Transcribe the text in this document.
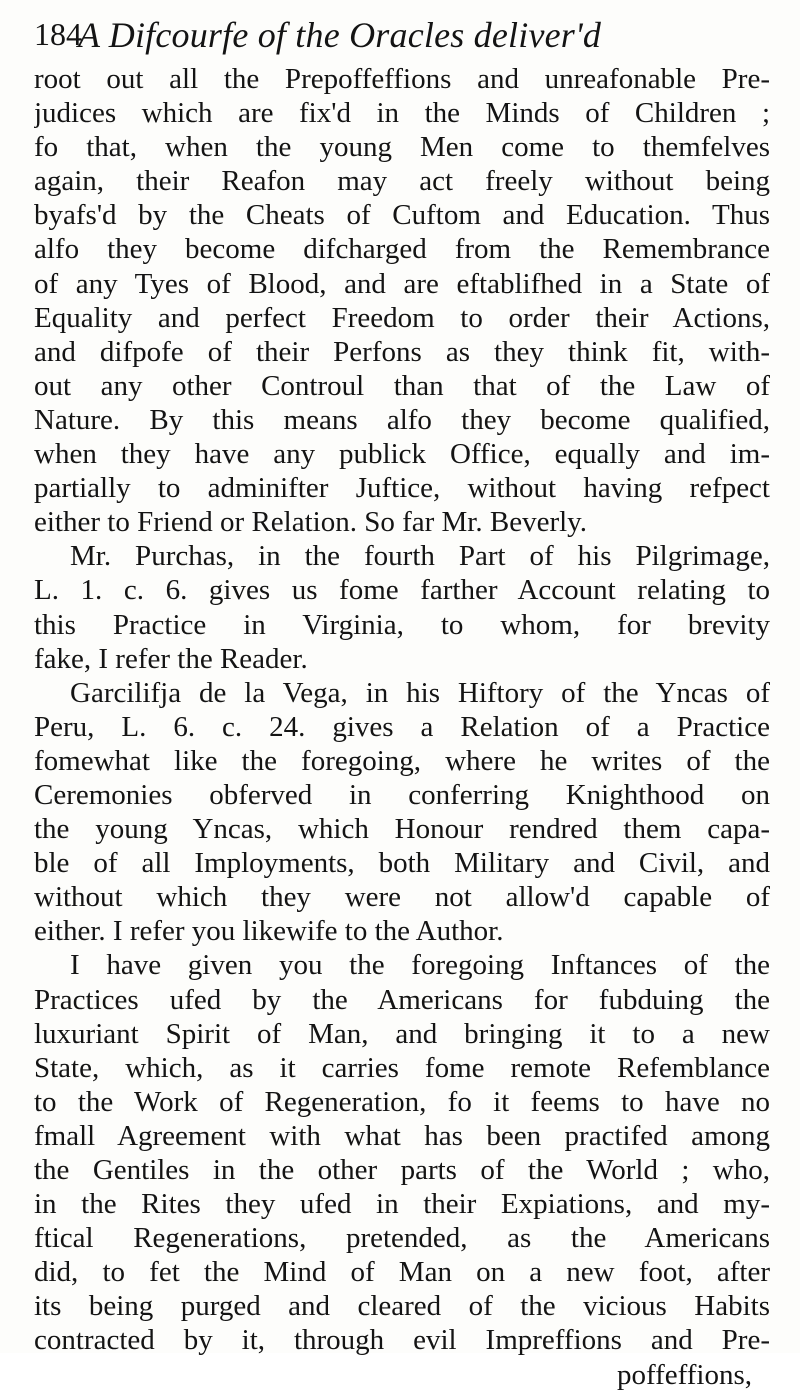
184
A Difcourfe of the Oracles deliver'd
root out all the Prepoffeffions and unreafonable Pre-
judices which are fix'd in the Minds of Children ;
fo that, when the young Men come to themfelves
again, their Reafon may act freely without being
byafs'd by the Cheats of Cuftom and Education. Thus
alfo they become difcharged from the Remembrance
of any Tyes of Blood, and are eftablifhed in a State of
Equality and perfect Freedom to order their Actions,
and difpofe of their Perfons as they think fit, with-
out any other Controul than that of the Law of
Nature. By this means alfo they become qualified,
when they have any publick Office, equally and im-
partially to adminifter Juftice, without having refpect
either to Friend or Relation. So far Mr. Beverly.
Mr. Purchas, in the fourth Part of his Pilgrimage,
L. 1. c. 6. gives us fome farther Account relating to
this Practice in Virginia, to whom, for brevity
fake, I refer the Reader.
Garcilifja de la Vega, in his Hiftory of the Yncas of
Peru, L. 6. c. 24. gives a Relation of a Practice
fomewhat like the foregoing, where he writes of the
Ceremonies obferved in conferring Knighthood on
the young Yncas, which Honour rendred them capa-
ble of all Imployments, both Military and Civil, and
without which they were not allow'd capable of
either. I refer you likewife to the Author.
I have given you the foregoing Inftances of the
Practices ufed by the Americans for fubduing the
luxuriant Spirit of Man, and bringing it to a new
State, which, as it carries fome remote Refemblance
to the Work of Regeneration, fo it feems to have no
fmall Agreement with what has been practifed among
the Gentiles in the other parts of the World ; who,
in the Rites they ufed in their Expiations, and my-
ftical Regenerations, pretended, as the Americans
did, to fet the Mind of Man on a new foot, after
its being purged and cleared of the vicious Habits
contracted by it, through evil Impreffions and Pre-
poffeffions,
